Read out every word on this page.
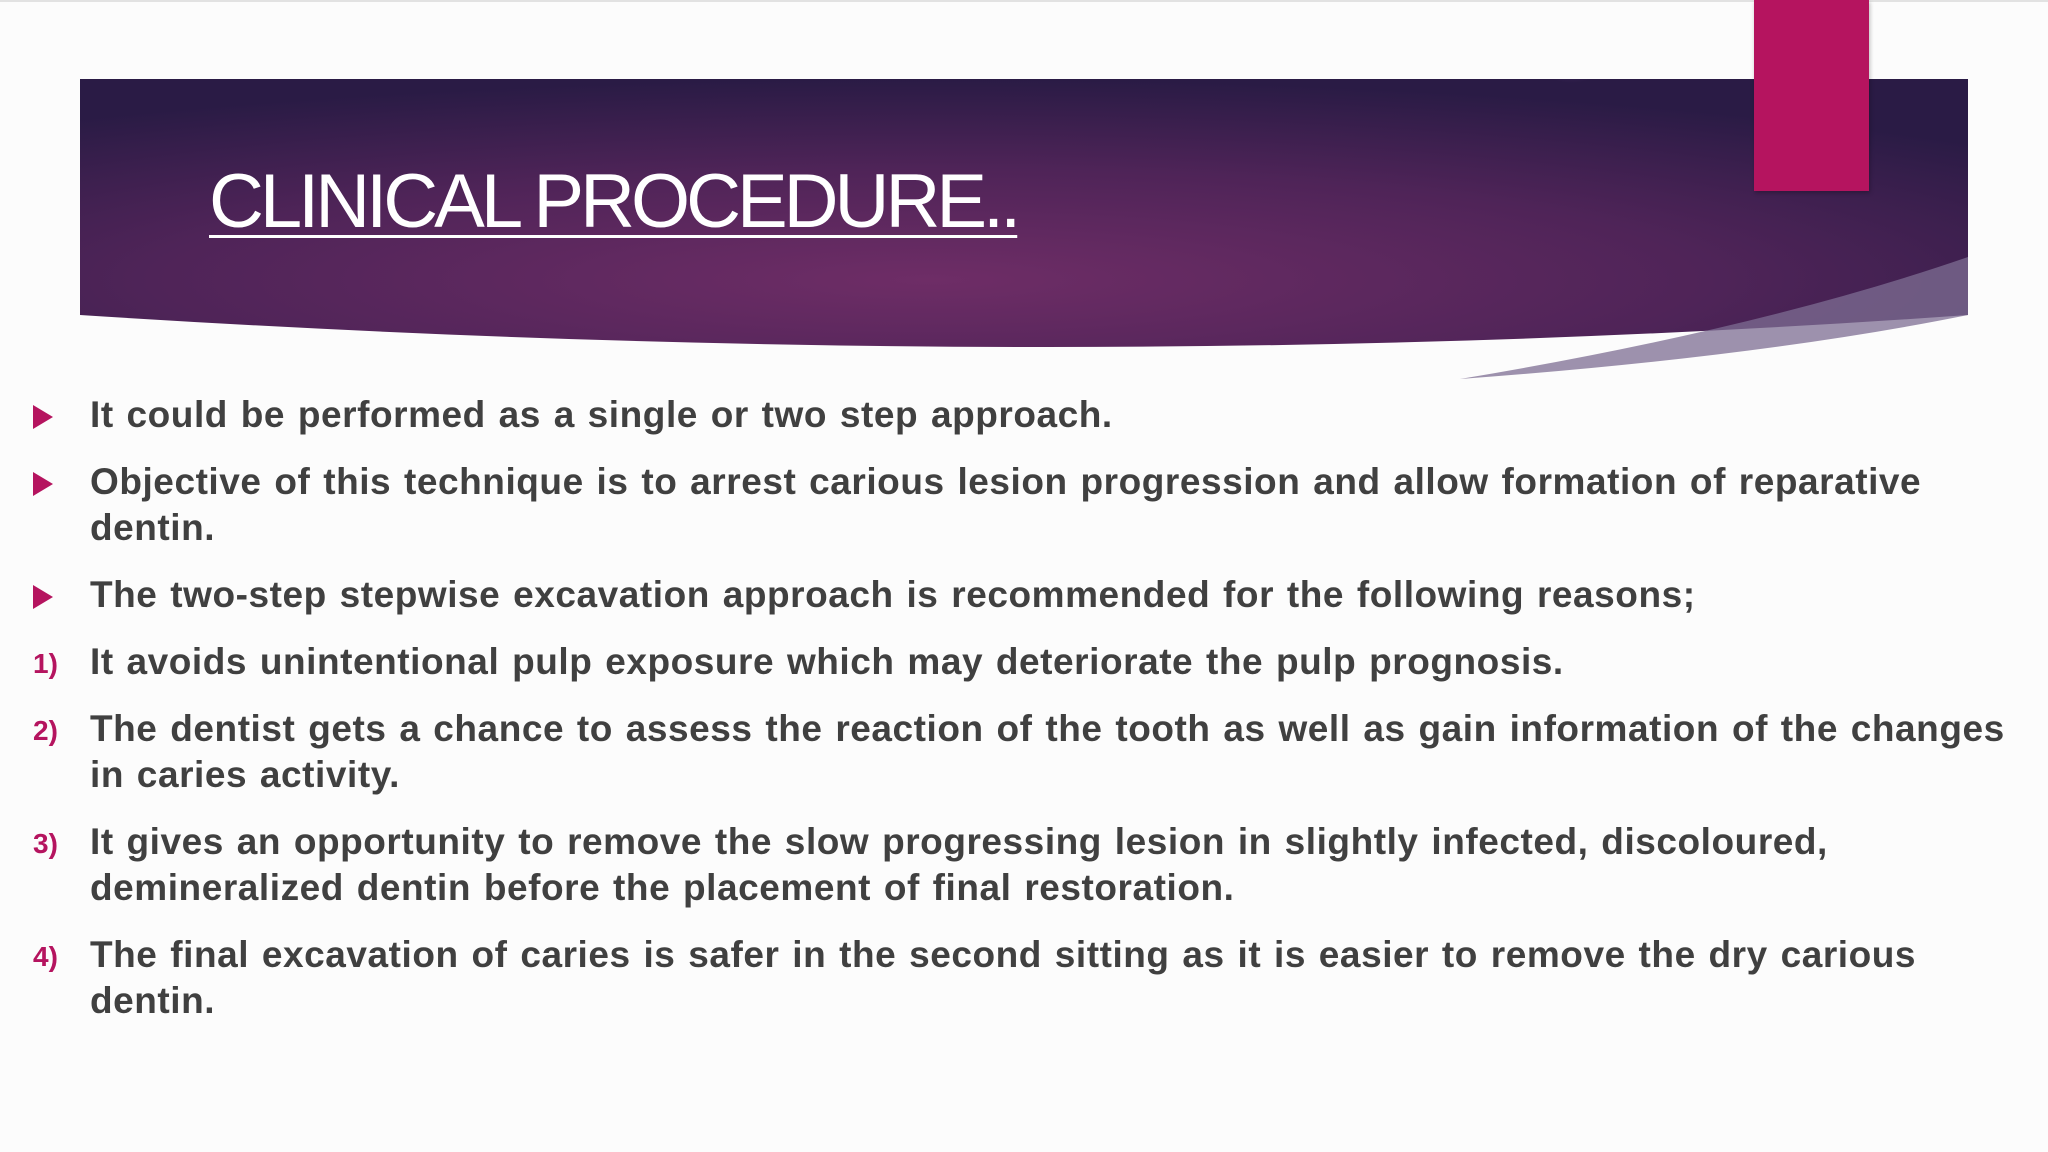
CLINICAL PROCEDURE..
It could be performed as a single or two step approach.
Objective of this technique is to arrest carious lesion progression and allow formation of reparative dentin.
The two-step stepwise excavation approach is recommended for the following reasons;
1) It avoids unintentional pulp exposure which may deteriorate the pulp prognosis.
2) The dentist gets a chance to assess the reaction of the tooth as well as gain information of the changes in caries activity.
3) It gives an opportunity to remove the slow progressing lesion in slightly infected, discoloured, demineralized dentin before the placement of final restoration.
4) The final excavation of caries is safer in the second sitting as it is easier to remove the dry carious dentin.
